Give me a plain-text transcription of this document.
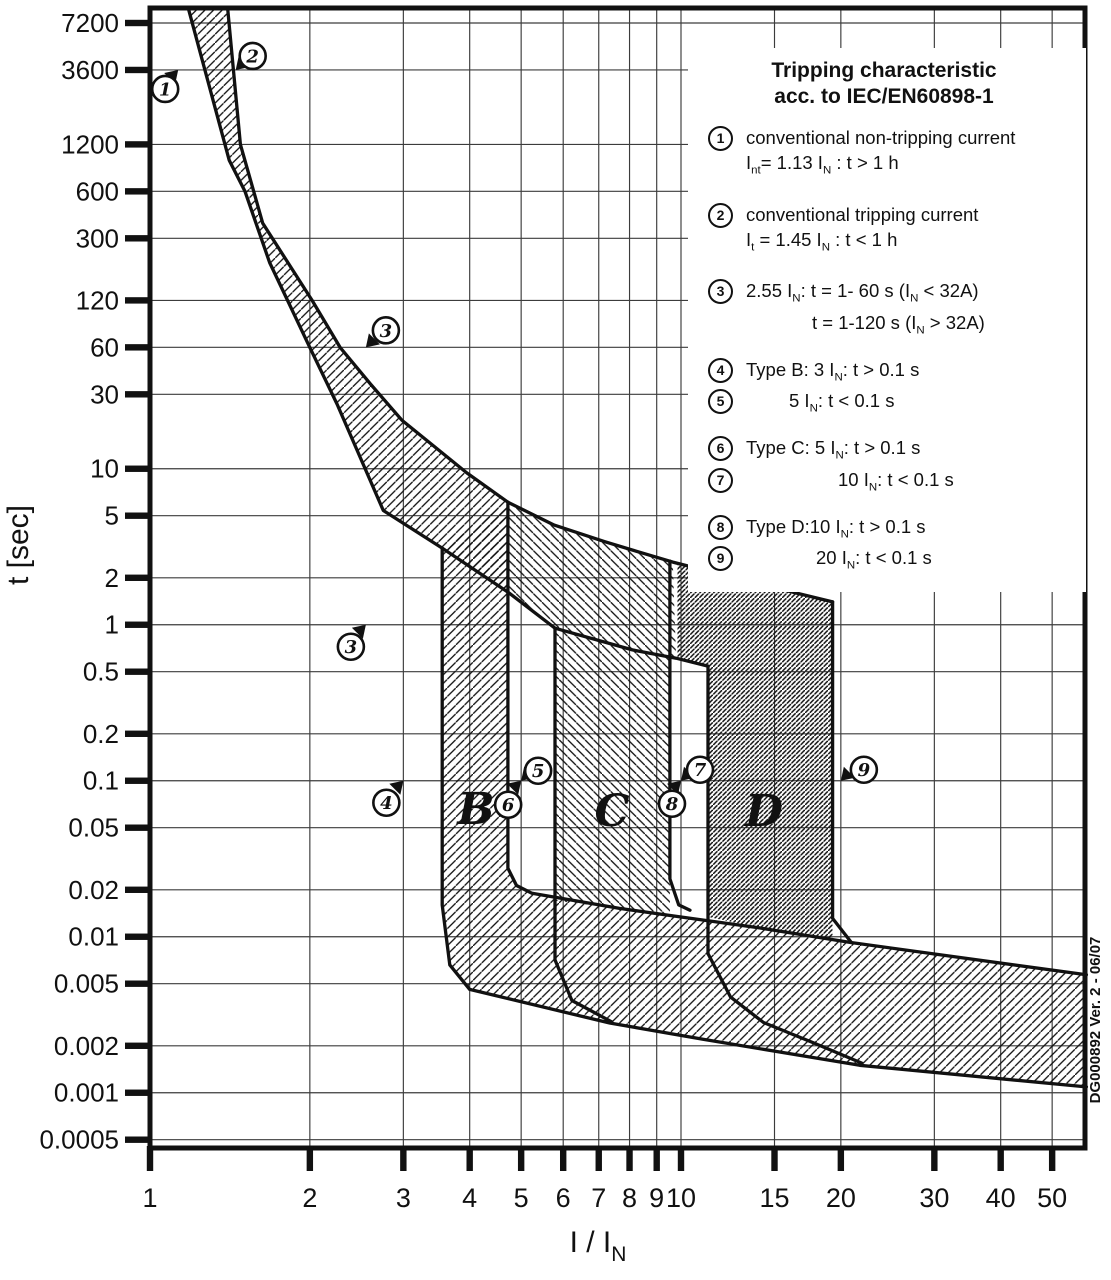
7200
3600
1200
600
300
120
60
30
10
5
2
1
0.5
0.2
0.1
0.05
0.02
0.01
0.005
0.002
0.001
0.0005
1	2	3 4 5 6 7 8 9 10 15 20 30 40 50
t [sec]
I / $I_N$
1
2
3
3
4
5
6
7
8
9
B C	D
DG000892 Ver. 2 - 06/07
Tripping characteristic
acc. to IEC/EN60898-1
1	conventional non-tripping current
$I_{nt}= 1.13$ $I_N$ : t > 1 h
2	conventional tripping current
$I_t = 1.45$ $I_N$ : t < 1 h
3	2.55 $I_N$: t = 1- 60 s $(I_N < 32A)$
t = 1-120 s $(I_N > 32A)$
4	Type B: 3 $I_N$: t > 0.1 s
5	5 $I_N$: t < 0.1 s
6	Type C: 5 $I_N$: t > 0.1 s
7	10 $I_N$: t < 0.1 s
8	Type D:10 $I_N$: t > 0.1 s
9	20 $I_N$: t < 0.1 s
